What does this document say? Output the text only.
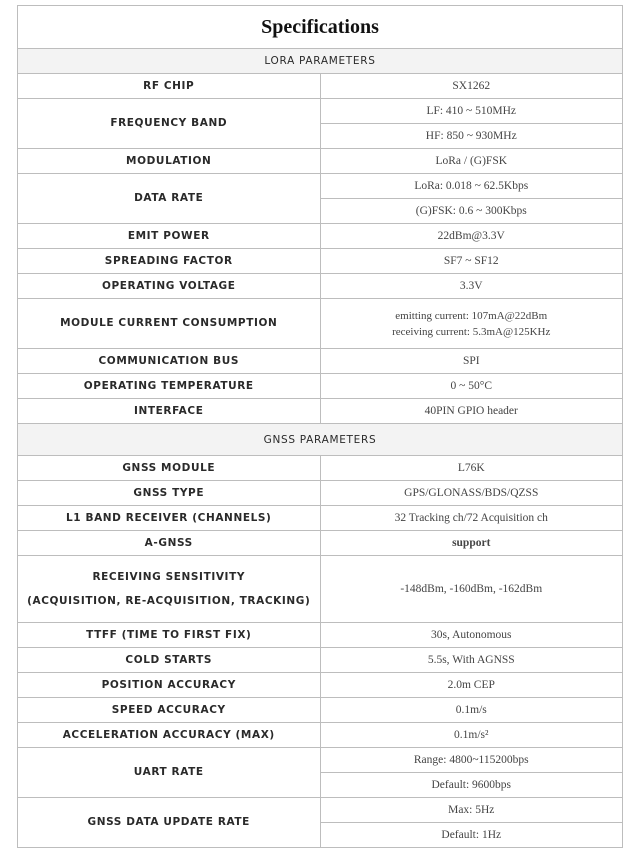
Specifications	
LORA PARAMETERS	
RF CHIP	SX1262
FREQUENCY BAND	LF: 410 ~ 510MHz
	HF: 850 ~ 930MHz
MODULATION	LoRa / (G)FSK
DATA RATE	LoRa: 0.018 ~ 62.5Kbps
	(G)FSK: 0.6 ~ 300Kbps
EMIT POWER	22dBm@3.3V
SPREADING FACTOR	SF7 ~ SF12
OPERATING VOLTAGE	3.3V
MODULE CURRENT CONSUMPTION	emitting current: 107mA@22dBm
receiving current: 5.3mA@125KHz

COMMUNICATION BUS	SPI
OPERATING TEMPERATURE	0 ~ 50°C
INTERFACE	40PIN GPIO header
GNSS PARAMETERS	
GNSS MODULE	L76K
GNSS TYPE	GPS/GLONASS/BDS/QZSS
L1 BAND RECEIVER (CHANNELS)	32 Tracking ch/72 Acquisition ch
A-GNSS	support

RECEIVING SENSITIVITY
(ACQUISITION, RE-ACQUISITION, TRACKING)	-148dBm, -160dBm, -162dBm
TTFF (TIME TO FIRST FIX)	30s, Autonomous
COLD STARTS	5.5s, With AGNSS
POSITION ACCURACY	2.0m CEP
SPEED ACCURACY	0.1m/s
ACCELERATION ACCURACY (MAX)	0.1m/s²
UART RATE	Range: 4800~115200bps
	Default: 9600bps
GNSS DATA UPDATE RATE	Max: 5Hz
	Default: 1Hz
